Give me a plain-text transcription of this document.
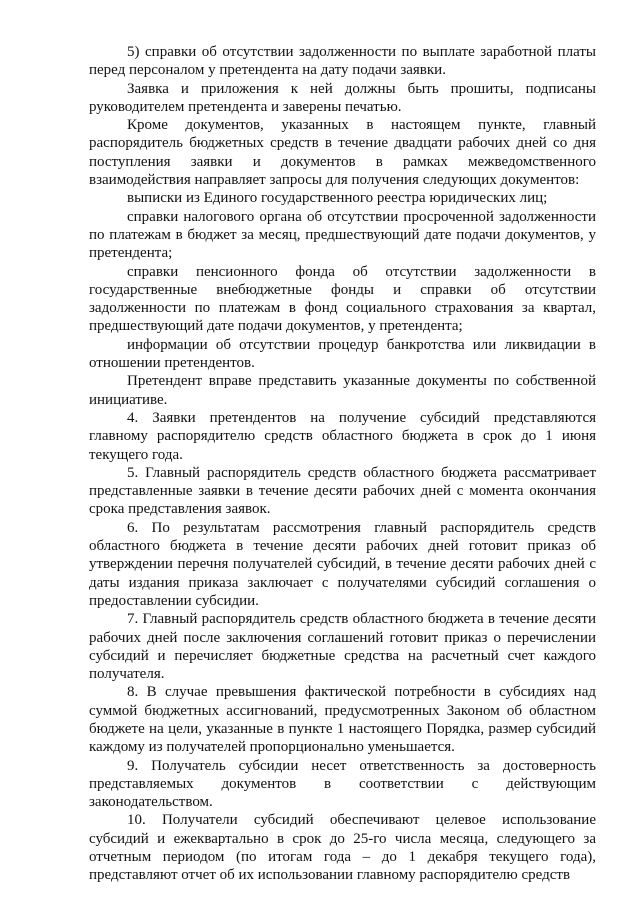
5) справки об отсутствии задолженности по выплате заработной платы перед персоналом у претендента на дату подачи заявки.

Заявка и приложения к ней должны быть прошиты, подписаны руководителем претендента и заверены печатью.

Кроме документов, указанных в настоящем пункте, главный распорядитель бюджетных средств в течение двадцати рабочих дней со дня поступления заявки и документов в рамках межведомственного взаимодействия направляет запросы для получения следующих документов:

выписки из Единого государственного реестра юридических лиц;

справки налогового органа об отсутствии просроченной задолженности по платежам в бюджет за месяц, предшествующий дате подачи документов, у претендента;

справки пенсионного фонда об отсутствии задолженности в государственные внебюджетные фонды и справки об отсутствии задолженности по платежам в фонд социального страхования за квартал, предшествующий дате подачи документов, у претендента;

информации об отсутствии процедур банкротства или ликвидации в отношении претендентов.

Претендент вправе представить указанные документы по собственной инициативе.

4. Заявки претендентов на получение субсидий представляются главному распорядителю средств областного бюджета в срок до 1 июня текущего года.

5. Главный распорядитель средств областного бюджета рассматривает представленные заявки в течение десяти рабочих дней с момента окончания срока представления заявок.

6. По результатам рассмотрения главный распорядитель средств областного бюджета в течение десяти рабочих дней готовит приказ об утверждении перечня получателей субсидий, в течение десяти рабочих дней с даты издания приказа заключает с получателями субсидий соглашения о предоставлении субсидии.

7. Главный распорядитель средств областного бюджета в течение десяти рабочих дней после заключения соглашений готовит приказ о перечислении субсидий и перечисляет бюджетные средства на расчетный счет каждого получателя.

8. В случае превышения фактической потребности в субсидиях над суммой бюджетных ассигнований, предусмотренных Законом об областном бюджете на цели, указанные в пункте 1 настоящего Порядка, размер субсидий каждому из получателей пропорционально уменьшается.

9. Получатель субсидии несет ответственность за достоверность представляемых документов в соответствии с действующим законодательством.

10. Получатели субсидий обеспечивают целевое использование субсидий и ежеквартально в срок до 25-го числа месяца, следующего за отчетным периодом (по итогам года – до 1 декабря текущего года), представляют отчет об их использовании главному распорядителю средств
